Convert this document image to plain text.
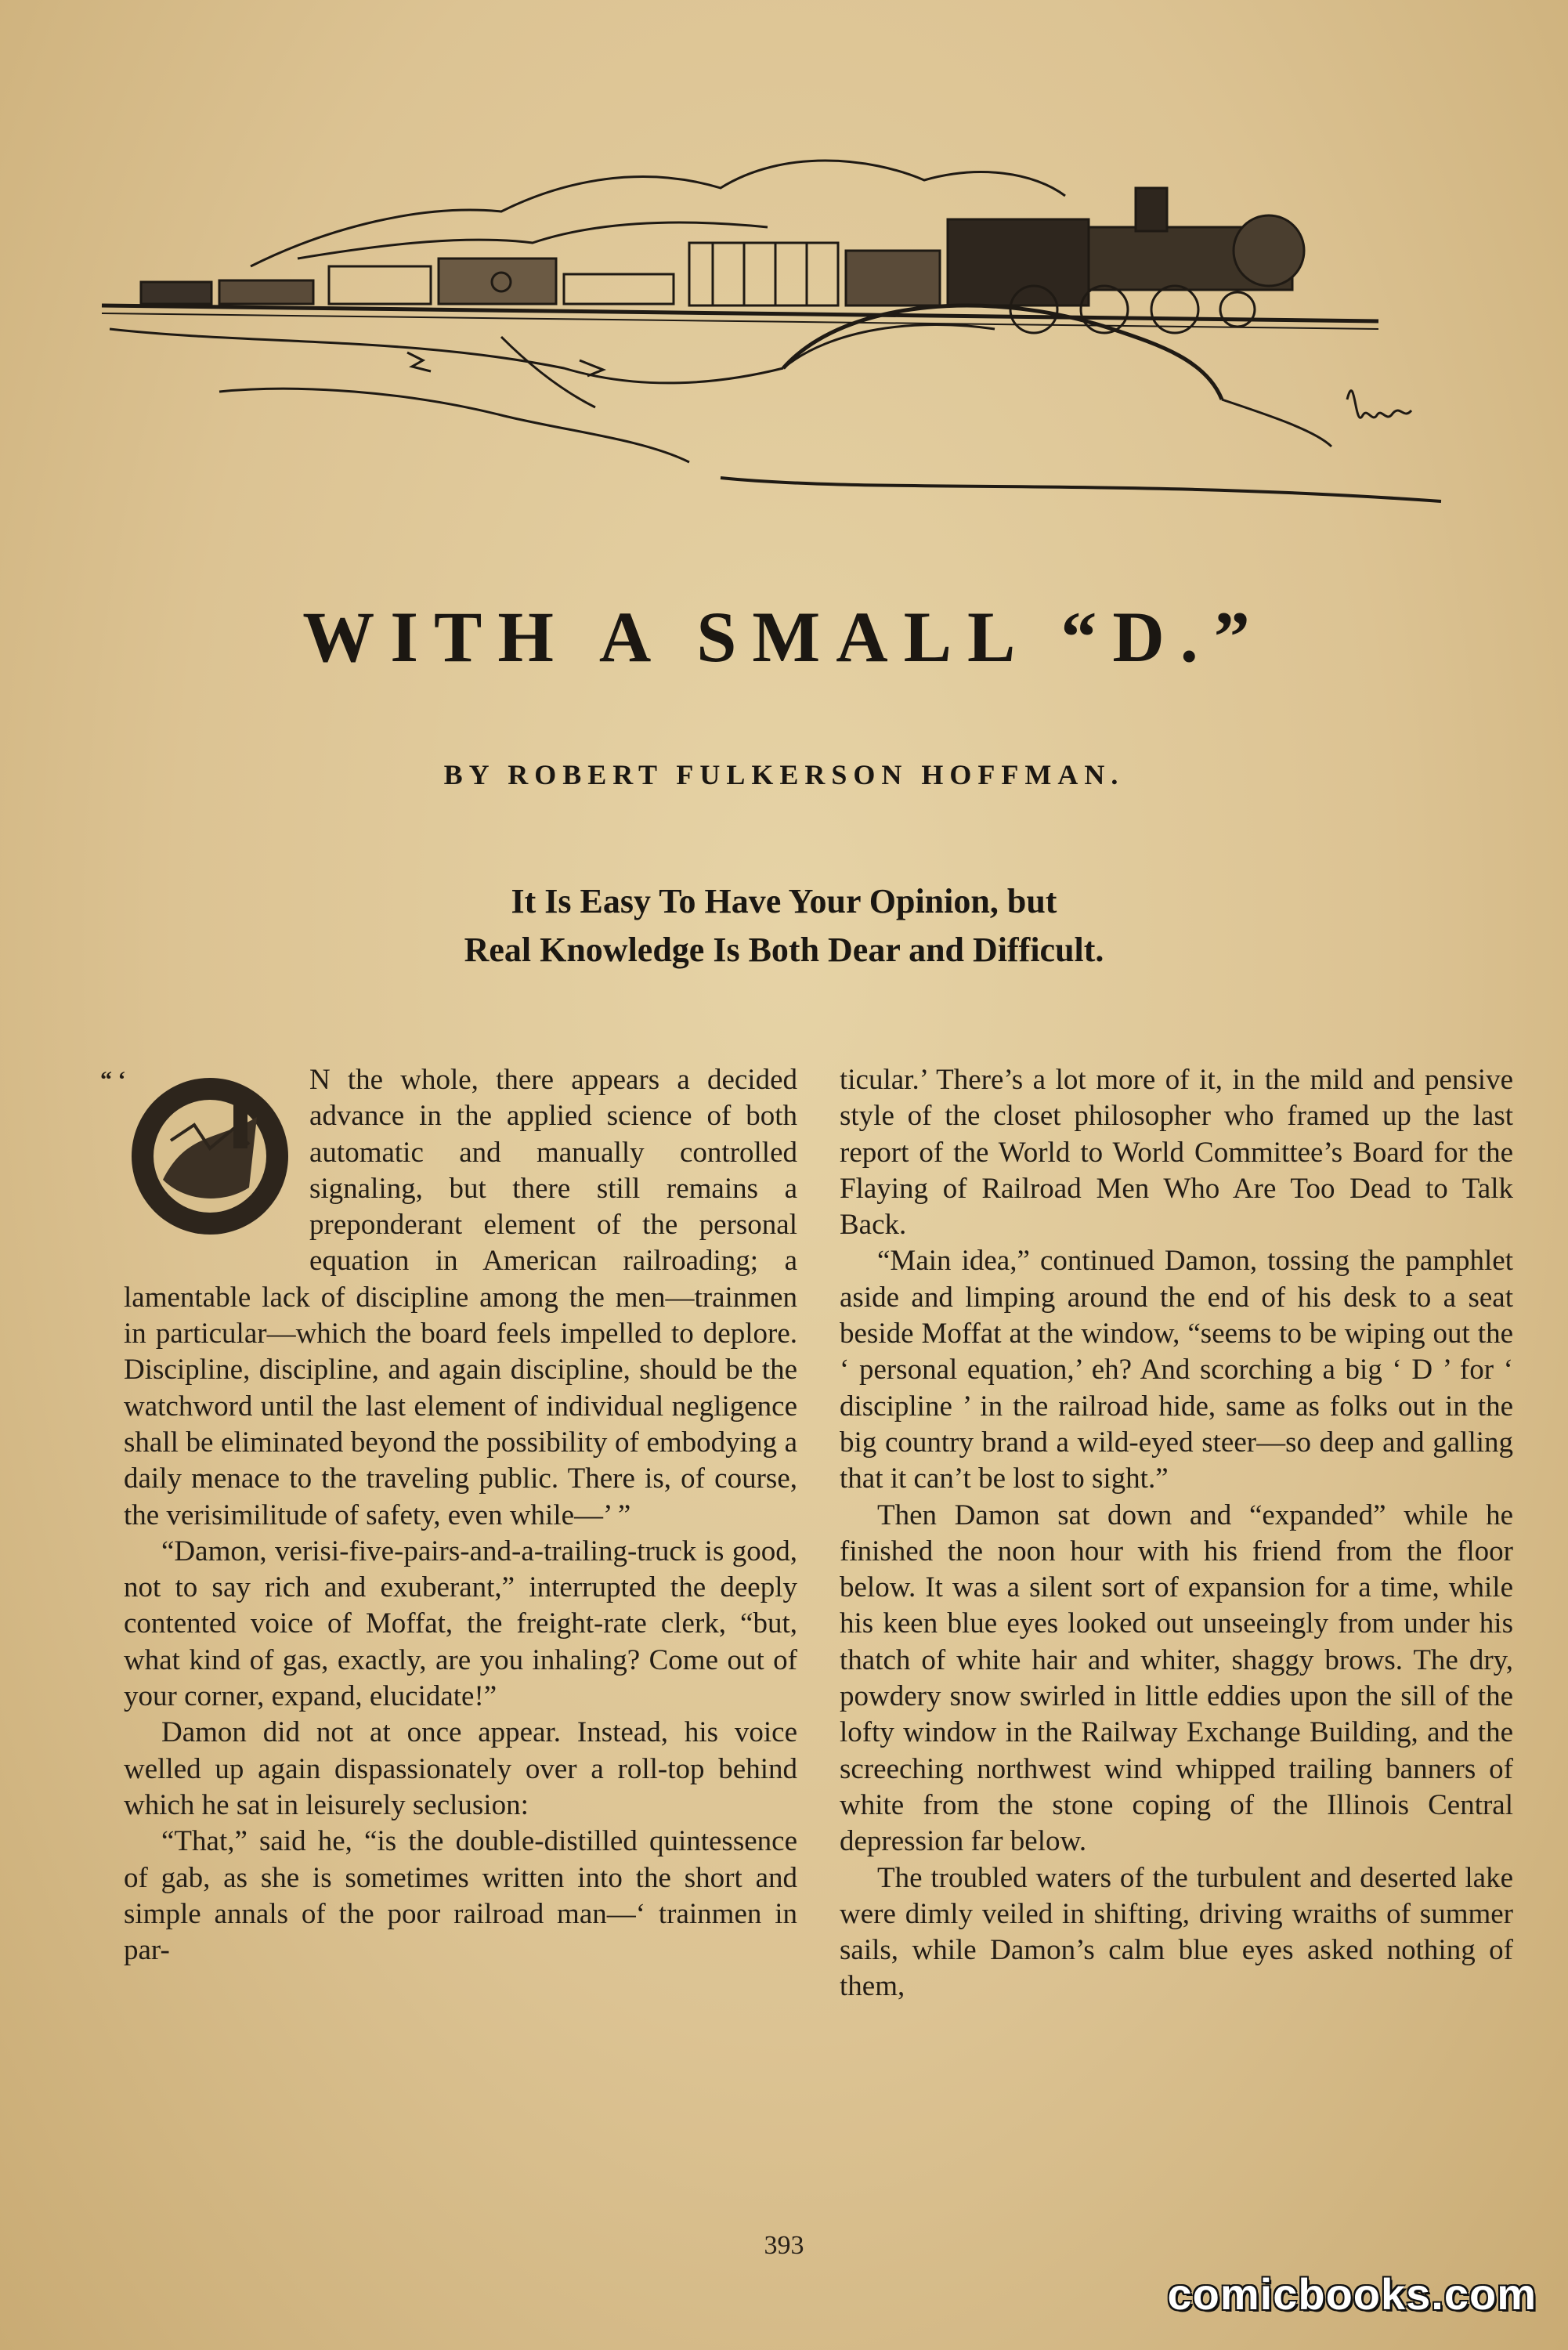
WITH A SMALL “D.”
BY ROBERT FULKERSON HOFFMAN.
It Is Easy To Have Your Opinion, but
Real Knowledge Is Both Dear and Difficult.
“ ‘	N the whole, there appears a decided advance in the applied science of both automatic and manually controlled signaling, but there still remains a preponderant element of the personal equation in American railroading; a lamentable lack of discipline among the men—trainmen in particular—which the board feels impelled to deplore. Discipline, discipline, and again discipline, should be the watchword until the last element of individual negligence shall be eliminated beyond the possibility of embodying a daily menace to the traveling public. There is, of course, the verisimilitude of safety, even while—’ ”

“Damon, verisi-five-pairs-and-a-trailing-truck is good, not to say rich and exuberant,” interrupted the deeply contented voice of Moffat, the freight-rate clerk, “but, what kind of gas, exactly, are you inhaling? Come out of your corner, expand, elucidate!”

Damon did not at once appear. Instead, his voice welled up again dispassionately over a roll-top behind which he sat in leisurely seclusion:

“That,” said he, “is the double-distilled quintessence of gab, as she is sometimes written into the short and simple annals of the poor railroad man—‘ trainmen in par-

ticular.’ There’s a lot more of it, in the mild and pensive style of the closet philosopher who framed up the last report of the World to World Committee’s Board for the Flaying of Railroad Men Who Are Too Dead to Talk Back.

“Main idea,” continued Damon, tossing the pamphlet aside and limping around the end of his desk to a seat beside Moffat at the window, “seems to be wiping out the ‘ personal equation,’ eh? And scorching a big ‘ D ’ for ‘ discipline ’ in the railroad hide, same as folks out in the big country brand a wild-eyed steer—so deep and galling that it can’t be lost to sight.”

Then Damon sat down and “expanded” while he finished the noon hour with his friend from the floor below. It was a silent sort of expansion for a time, while his keen blue eyes looked out unseeingly from under his thatch of white hair and whiter, shaggy brows. The dry, powdery snow swirled in little eddies upon the sill of the lofty window in the Railway Exchange Building, and the screeching northwest wind whipped trailing banners of white from the stone coping of the Illinois Central depression far below.

The troubled waters of the turbulent and deserted lake were dimly veiled in shifting, driving wraiths of summer sails, while Damon’s calm blue eyes asked nothing of them,

393
comicbooks.com
